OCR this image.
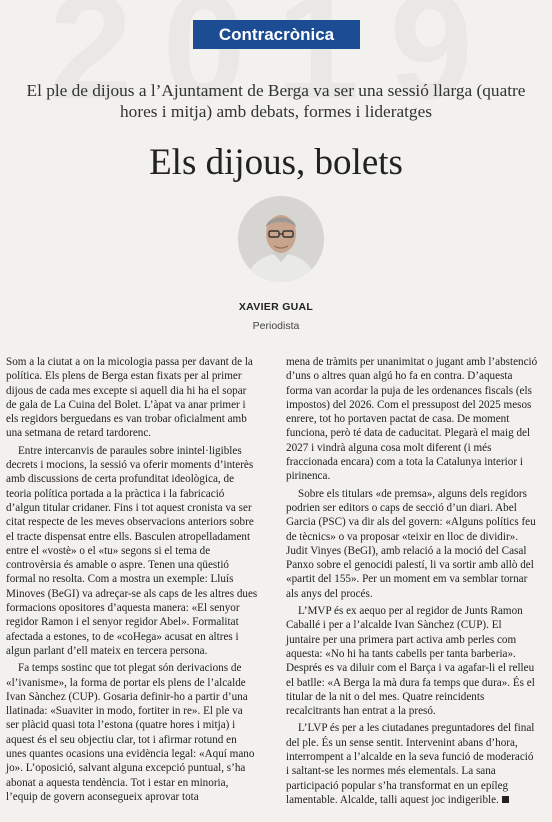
Contracrònica
El ple de dijous a l’Ajuntament de Berga va ser una sessió llarga (quatre hores i mitja) amb debats, formes i lideratges
Els dijous, bolets
XAVIER GUAL
Periodista

Som a la ciutat a on la micologia passa per davant de la política. Els plens de Berga estan fixats per al primer dijous de cada mes excepte si aquell dia hi ha el sopar de gala de La Cuina del Bolet. L’àpat va anar primer i els regidors berguedans es van trobar oficialment amb una setmana de retard tardorenc.

Entre intercanvis de paraules sobre inintel·ligibles decrets i mocions, la sessió va oferir moments d’interès amb discussions de certa profunditat ideològica, de teoria política portada a la pràctica i la fabricació d’algun titular cridaner. Fins i tot aquest cronista va ser citat respecte de les meves observacions anteriors sobre el tracte dispensat entre ells. Basculen atropelladament entre el «vostè» o el «tu» segons si el tema de controvèrsia és amable o aspre. Tenen una qüestió formal no resolta. Com a mostra un exemple: Lluís Minoves (BeGI) va adreçar-se als caps de les altres dues formacions opositores d’aquesta manera: «El senyor regidor Ramon i el senyor regidor Abel». Formalitat afectada a estones, to de «coHega» acusat en altres i algun parlant d’ell mateix en tercera persona.

Fa temps sostinc que tot plegat són derivacions de «l’ivanisme», la forma de portar els plens de l’alcalde Ivan Sànchez (CUP). Gosaria definir-ho a partir d’una llatinada: «Suaviter in modo, fortiter in re». El ple va ser plàcid quasi tota l’estona (quatre hores i mitja) i aquest és el seu objectiu clar, tot i afirmar rotund en unes quantes ocasions una evidència legal: «Aquí mano jo». L’oposició, salvant alguna excepció puntual, s’ha abonat a aquesta tendència. Tot i estar en minoria, l’equip de govern aconsegueix aprovar tota

mena de tràmits per unanimitat o jugant amb l’abstenció d’uns o altres quan algú ho fa en contra. D’aquesta forma van acordar la puja de les ordenances fiscals (els impostos) del 2026. Com el pressupost del 2025 mesos enrere, tot ho portaven pactat de casa. De moment funciona, però té data de caducitat. Plegarà el maig del 2027 i vindrà alguna cosa molt diferent (i més fraccionada encara) com a tota la Catalunya interior i pirinenca.

Sobre els titulars «de premsa», alguns dels regidors podrien ser editors o caps de secció d’un diari. Abel Garcia (PSC) va dir als del govern: «Alguns polítics feu de tècnics» o va proposar «teixir en lloc de dividir». Judit Vinyes (BeGI), amb relació a la moció del Casal Panxo sobre el genocidi palestí, li va sortir amb allò del «partit del 155». Per un moment em va semblar tornar als anys del procés.

L’MVP és ex aequo per al regidor de Junts Ramon Caballé i per a l’alcalde Ivan Sànchez (CUP). El juntaire per una primera part activa amb perles com aquesta: «No hi ha tants cabells per tanta barberia». Després es va diluir com el Barça i va agafar-li el relleu el batlle: «A Berga la mà dura fa temps que dura». És el titular de la nit o del mes. Quatre reincidents recalcitrants han entrat a la presó.

L’LVP és per a les ciutadanes preguntadores del final del ple. És un sense sentit. Intervenint abans d’hora, interrompent a l’alcalde en la seva funció de moderació i saltant-se les normes més elementals. La sana participació popular s’ha transformat en un epíleg lamentable. Alcalde, talli aquest joc indigerible.
